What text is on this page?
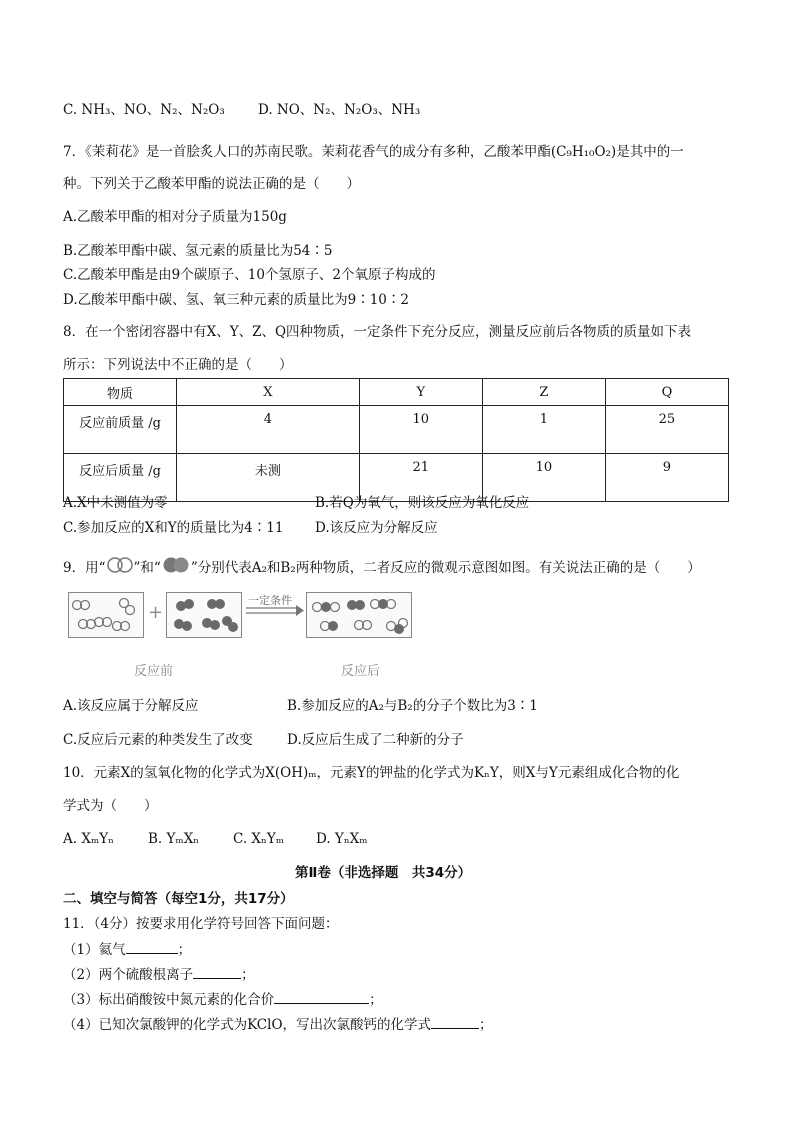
C. NH₃、NO、N₂、N₂O₃ D. NO、N₂、N₂O₃、NH₃
7．《茉莉花》是一首脍炙人口的苏南民歌。茉莉花香气的成分有多种，乙酸苯甲酯(C₉H₁₀O₂)是其中的一
种。下列关于乙酸苯甲酯的说法正确的是（　　）
A.乙酸苯甲酯的相对分子质量为150g
B.乙酸苯甲酯中碳、氢元素的质量比为54∶5
C.乙酸苯甲酯是由9个碳原子、10个氢原子、2个氧原子构成的
D.乙酸苯甲酯中碳、氢、氧三种元素的质量比为9∶10∶2
8．在一个密闭容器中有X、Y、Z、Q四种物质，一定条件下充分反应，测量反应前后各物质的质量如下表
所示：下列说法中不正确的是（　　）
物质	X	Y	Z	Q
反应前质量 /g	4	10	1	25
反应后质量 /g	未测	21	10	9
A.X中未测值为零	B.若Q为氧气，则该反应为氧化反应
C.参加反应的X和Y的质量比为4∶11 D.该反应为分解反应
9．用“ ”和“ ”分别代表A₂和B₂两种物质，二者反应的微观示意图如图。有关说法正确的是（　　）
+
一定条件
反应前	反应后
A.该反应属于分解反应	B.参加反应的A₂与B₂的分子个数比为3∶1
C.反应后元素的种类发生了改变	D.反应后生成了二种新的分子
10．元素X的氢氧化物的化学式为X(OH)ₘ，元素Y的钾盐的化学式为KₙY，则X与Y元素组成化合物的化
学式为（　　）
A. XₘYₙ	B. YₘXₙ	C. XₙYₘ D. YₙXₘ
第Ⅱ卷（非选择题　共34分）
二、填空与简答（每空1分，共17分）
11．（4分）按要求用化学符号回答下面问题：
（1）氦气	；
（2）两个硫酸根离子	；
（3）标出硝酸铵中氮元素的化合价	；
（4）已知次氯酸钾的化学式为KClO，写出次氯酸钙的化学式	；
